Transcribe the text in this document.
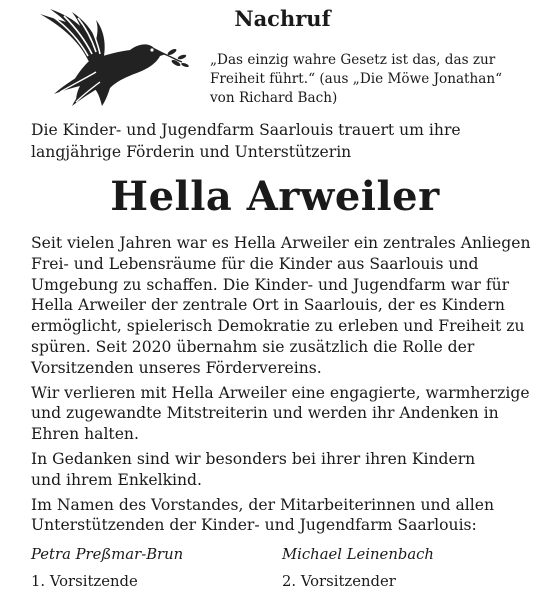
Nachruf
„Das einzig wahre Gesetz ist das, das zur
Freiheit führt.“ (aus „Die Möwe Jonathan“
von Richard Bach)
Die Kinder- und Jugendfarm Saarlouis trauert um ihre
langjährige Förderin und Unterstützerin
Hella Arweiler
Seit vielen Jahren war es Hella Arweiler ein zentrales Anliegen
Frei- und Lebensräume für die Kinder aus Saarlouis und
Umgebung zu schaffen. Die Kinder- und Jugendfarm war für
Hella Arweiler der zentrale Ort in Saarlouis, der es Kindern
ermöglicht, spielerisch Demokratie zu erleben und Freiheit zu
spüren. Seit 2020 übernahm sie zusätzlich die Rolle der
Vorsitzenden unseres Fördervereins.
Wir verlieren mit Hella Arweiler eine engagierte, warmherzige
und zugewandte Mitstreiterin und werden ihr Andenken in
Ehren halten.
In Gedanken sind wir besonders bei ihrer ihren Kindern
und ihrem Enkelkind.
Im Namen des Vorstandes, der Mitarbeiterinnen und allen
Unterstützenden der Kinder- und Jugendfarm Saarlouis:
Petra Preßmar-Brun
1. Vorsitzende
Michael Leinenbach
2. Vorsitzender
